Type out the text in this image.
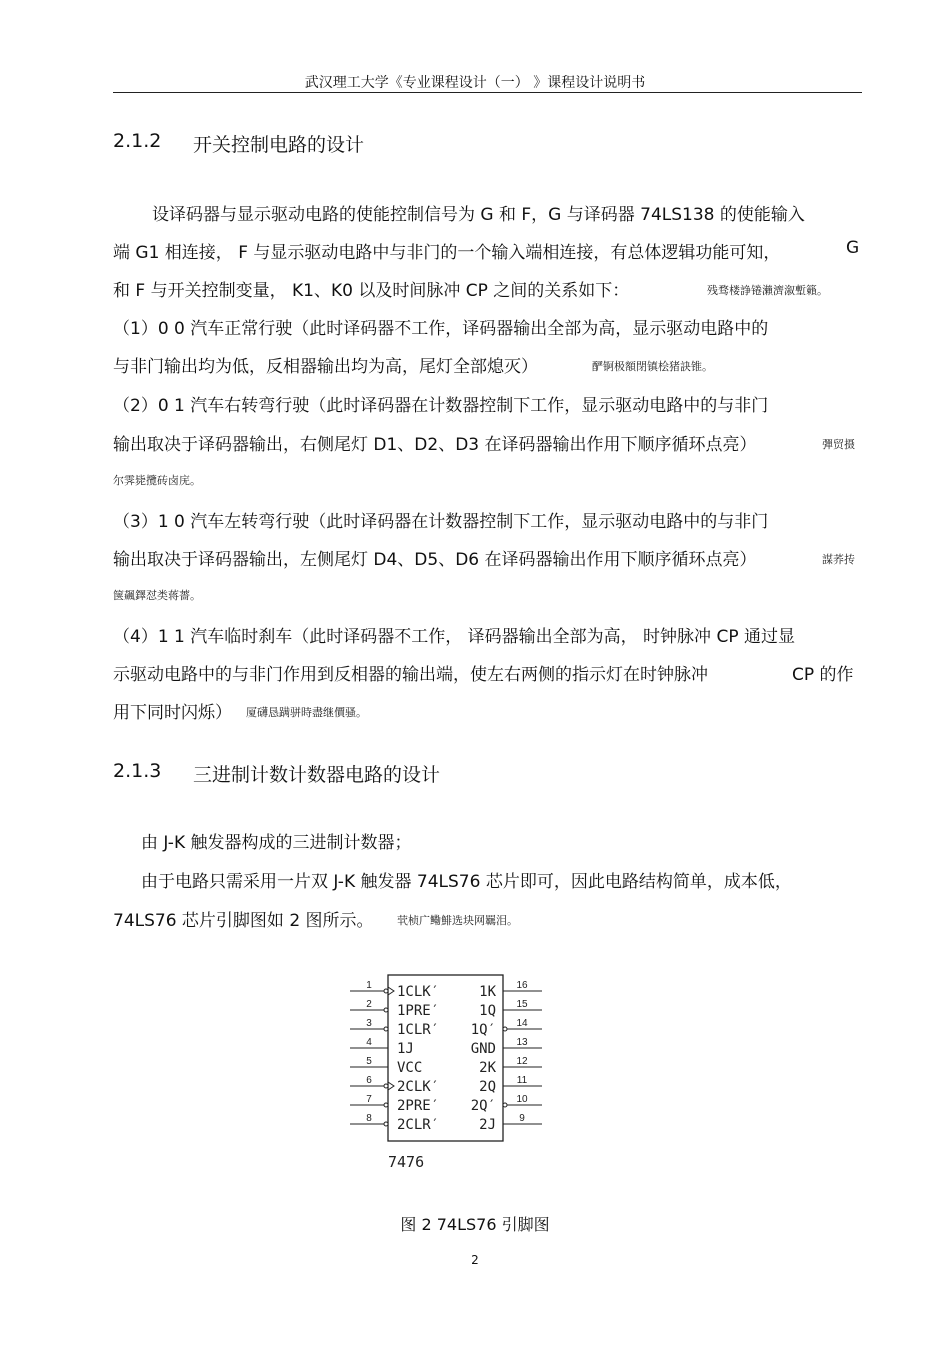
武汉理工大学《专业课程设计（一） 》课程设计说明书
2.1.2 开关控制电路的设计
设译码器与显示驱动电路的使能控制信号为 G 和 F，G 与译码器 74LS138 的使能输入
端 G1 相连接， F 与显示驱动电路中与非门的一个输入端相连接，有总体逻辑功能可知，	G
和 F 与开关控制变量， K1、K0 以及时间脉冲 CP 之间的关系如下：	残骛楼諍锩瀨濟溆塹籟。
（1）0 0 汽车正常行驶（此时译码器不工作，译码器输出全部为高，显示驱动电路中的
与非门输出均为低，反相器输出均为高，尾灯全部熄灭）	酽锕极額閉镇桧猪訣锥。
（2）0 1 汽车右转弯行驶（此时译码器在计数器控制下工作，显示驱动电路中的与非门
输出取决于译码器输出，右侧尾灯 D1、D2、D3 在译码器输出作用下顺序循环点亮）	彈贸摄
尔霁毙攬砖卤庑。
（3）1 0 汽车左转弯行驶（此时译码器在计数器控制下工作，显示驱动电路中的与非门
输出取决于译码器输出，左侧尾灯 D4、D5、D6 在译码器输出作用下顺序循环点亮）	謀荞抟
箧飆鐸怼类蒋薔。
（4）1 1 汽车临时刹车（此时译码器不工作， 译码器输出全部为高， 时钟脉冲 CP 通过显
示驱动电路中的与非门作用到反相器的输出端，使左右两侧的指示灯在时钟脉冲	CP 的作
用下同时闪烁） 厦礴恳蹒骈時盡继價骚。
2.1.3 三进制计数计数器电路的设计
由 J-K 触发器构成的三进制计数器；
由于电路只需采用一片双 J-K 触发器 74LS76 芯片即可，因此电路结构简单，成本低，
74LS76 芯片引脚图如 2 图所示。 茕桢广鳓鯡选块网羈泪。
1
2
3
4
5
6
7
8
16
15
14
13
12
11
10
9
1CLK′
1PRE′
1CLR′
1J
VCC
2CLK′
2PRE′
2CLR′
1K
1Q
1Q′
GND
2K
2Q
2Q′
2J
7476
图 2 74LS76 引脚图
2
